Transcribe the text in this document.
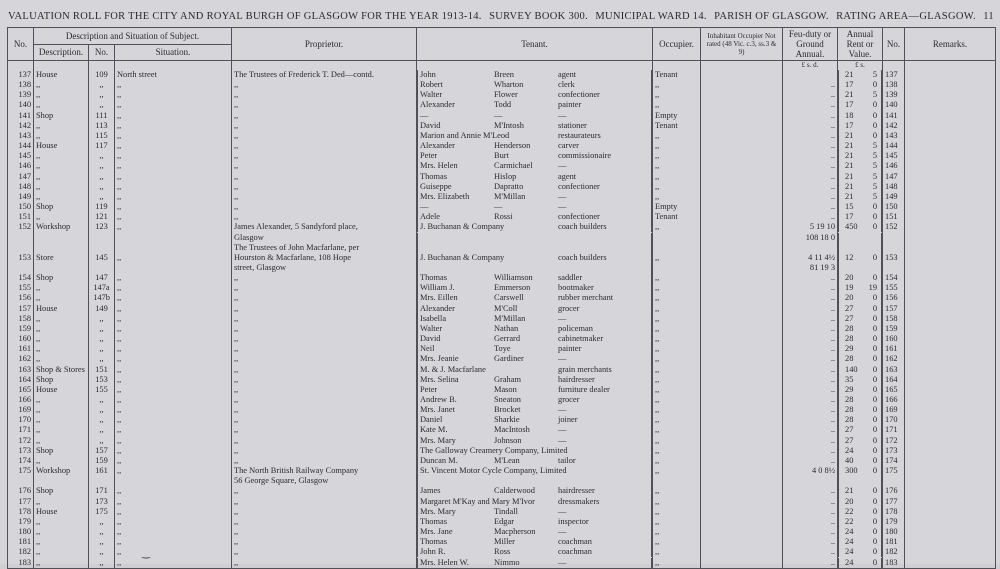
VALUATION ROLL FOR THE CITY AND ROYAL BURGH OF GLASGOW FOR THE YEAR 1913-14. SURVEY BOOK 300. MUNICIPAL WARD 14. PARISH OF GLASGOW. RATING AREA—GLASGOW. 11
No.	Description and Situation of Subject.			Proprietor.	Tenant.	Occupier.	Inhabitant Occupier Not rated (48 Vic. c.3, ss.3 & 9)	Feu-duty or Ground Annual.	Annual Rent or Value.	No.	Remarks.
	Description.	No.	Situation.								
								£ s. d.	£ s.		
137	House	109	North street	The Trustees of Frederick T. Ded—contd.		John	Breen	agent	Tenant				21 5 137	
138	,,	,,	,,	,,		Robert	Wharton	clerk	,,		..	17 0 138	
139	,,	,,	,,	,,		Walter	Flower	confectioner	,,		..	21 5 139	
140	,,	,,	,,	,,		Alexander	Todd	painter	,,		..	17 0 140	
141	Shop	111	,,	,,		—	—	—	Empty		..	18 0 141	
142	,,	113	,,	,,		David	M'Intosh	stationer	Tenant		..	17 0 142	
143	,,	115	,,	,,		Marion and Annie M'Leod	restaurateurs	,,		..	21 0 143	
144	House	117	,,	,,		Alexander	Henderson	carver	,,		..	21 5 144	
145	,,	,,	,,	,,		Peter	Burt	commissionaire	,,		..	21 5 145	
146	,,	,,	,,	,,		Mrs. Helen	Carmichael	—	,,		..	21 5 146	
147	,,	,,	,,	,,		Thomas	Hislop	agent	,,		..	21 5 147	
148	,,	,,	,,	,,		Guiseppe	Dapratto	confectioner	,,		..	21 5 148	
149	,,	,,	,,	,,		Mrs. Elizabeth	M'Millan	—	,,		..	21 5 149	
150	Shop	119	,,	,,		—	—	—	Empty		..	15 0 150	
151	,,	121	,,	,,		Adele	Rossi	confectioner	Tenant		..	17 0 151	
152	Workshop	123	,,	James Alexander, 5 Sandyford place,		J. Buchanan & Company	coach builders	,,		5 19 10	450 0 152	
				Glasgow			108 18 0	

				The Trustees of John Macfarlane, per	

153	Store	145	,,	Hourston & Macfarlane, 108 Hope		J. Buchanan & Company	coach builders	,,		4 11 4½	12 0 153	
				street, Glasgow			81 19 3	

154	Shop	147	,,	,,		Thomas	Williamson	saddler	,,		..	20 0 154	
155	,,	147a	,,	,,		William J.	Emmerson	bootmaker	,,		..	19 19 155	
156	,,	147b	,,	,,		Mrs. Eillen	Carswell	rubber merchant	,,		..	20 0 156	
157	House	149	,,	,,		Alexander	M'Coll	grocer	,,		..	27 0 157	
158	,,	,,	,,	,,		Isabella	M'Millan	—	,,		..	27 0 158	
159	,,	,,	,,	,,		Walter	Nathan	policeman	,,		..	28 0 159	
160	,,	,,	,,	,,		David	Gerrard	cabinetmaker	,,		..	28 0 160	
161	,,	,,	,,	,,		Neil	Toye	painter	,,		..	29 0 161	
162	,,	,,	,,	,,		Mrs. Jeanie	Gardiner	—	,,		..	28 0 162	
163	Shop & Stores	151	,,	,,		M. & J. Macfarlane	grain merchants	,,		..	140 0 163	
164	Shop	153	,,	,,		Mrs. Selina	Graham	hairdresser	,,		..	35 0 164	
165	House	155	,,	,,		Peter	Mason	furniture dealer	,,		..	29 0 165	
166	,,	,,	,,	,,		Andrew B.	Sneaton	grocer	,,		..	28 0 166	
169	,,	,,	,,	,,		Mrs. Janet	Brocket	—	,,		..	28 0 169	
170	,,	,,	,,	,,		Daniel	Sharkie	joiner	,,		..	28 0 170	
171	,,	,,	,,	,,		Kate M.	MacIntosh	—	,,		..	27 0 171	
172	,,	,,	,,	,,		Mrs. Mary	Johnson	—	,,		..	27 0 172	
173	Shop	157	,,	,,		The Galloway Creamery Company, Limited	,,		..	24 0 173	
174	,,	159	,,	,,		Duncan M.	M'Lean	tailor	,,		..	40 0 174	
175	Workshop	161	,,	The North British Railway Company		St. Vincent Motor Cycle Company, Limited	,,		4 0 8½	300 0 175	
				56 George Square, Glasgow	

176	Shop	171	,,	,,		James	Calderwood	hairdresser	,,		..	21 0 176	
177	,,	173	,,	,,		Margaret M'Kay and Mary M'Ivor	dressmakers	,,		..	20 0 177	
178	House	175	,,	,,		Mrs. Mary	Tindall	—	,,		..	22 0 178	
179	,,	,,	,,	,,		Thomas	Edgar	inspector	,,		..	22 0 179	
180	,,	,,	,,	,,		Mrs. Jane	Macpherson	—	,,		..	24 0 180	
181	,,	,,	,,	,,		Thomas	Miller	coachman	,,		..	24 0 181	
182	,,	,,	,,	,,		John R.	Ross	coachman	,,		..	24 0 182	
183	,,	,,	,,	,,		Mrs. Helen W.	Nimmo	—	,,		..	24 0 183	
‿
